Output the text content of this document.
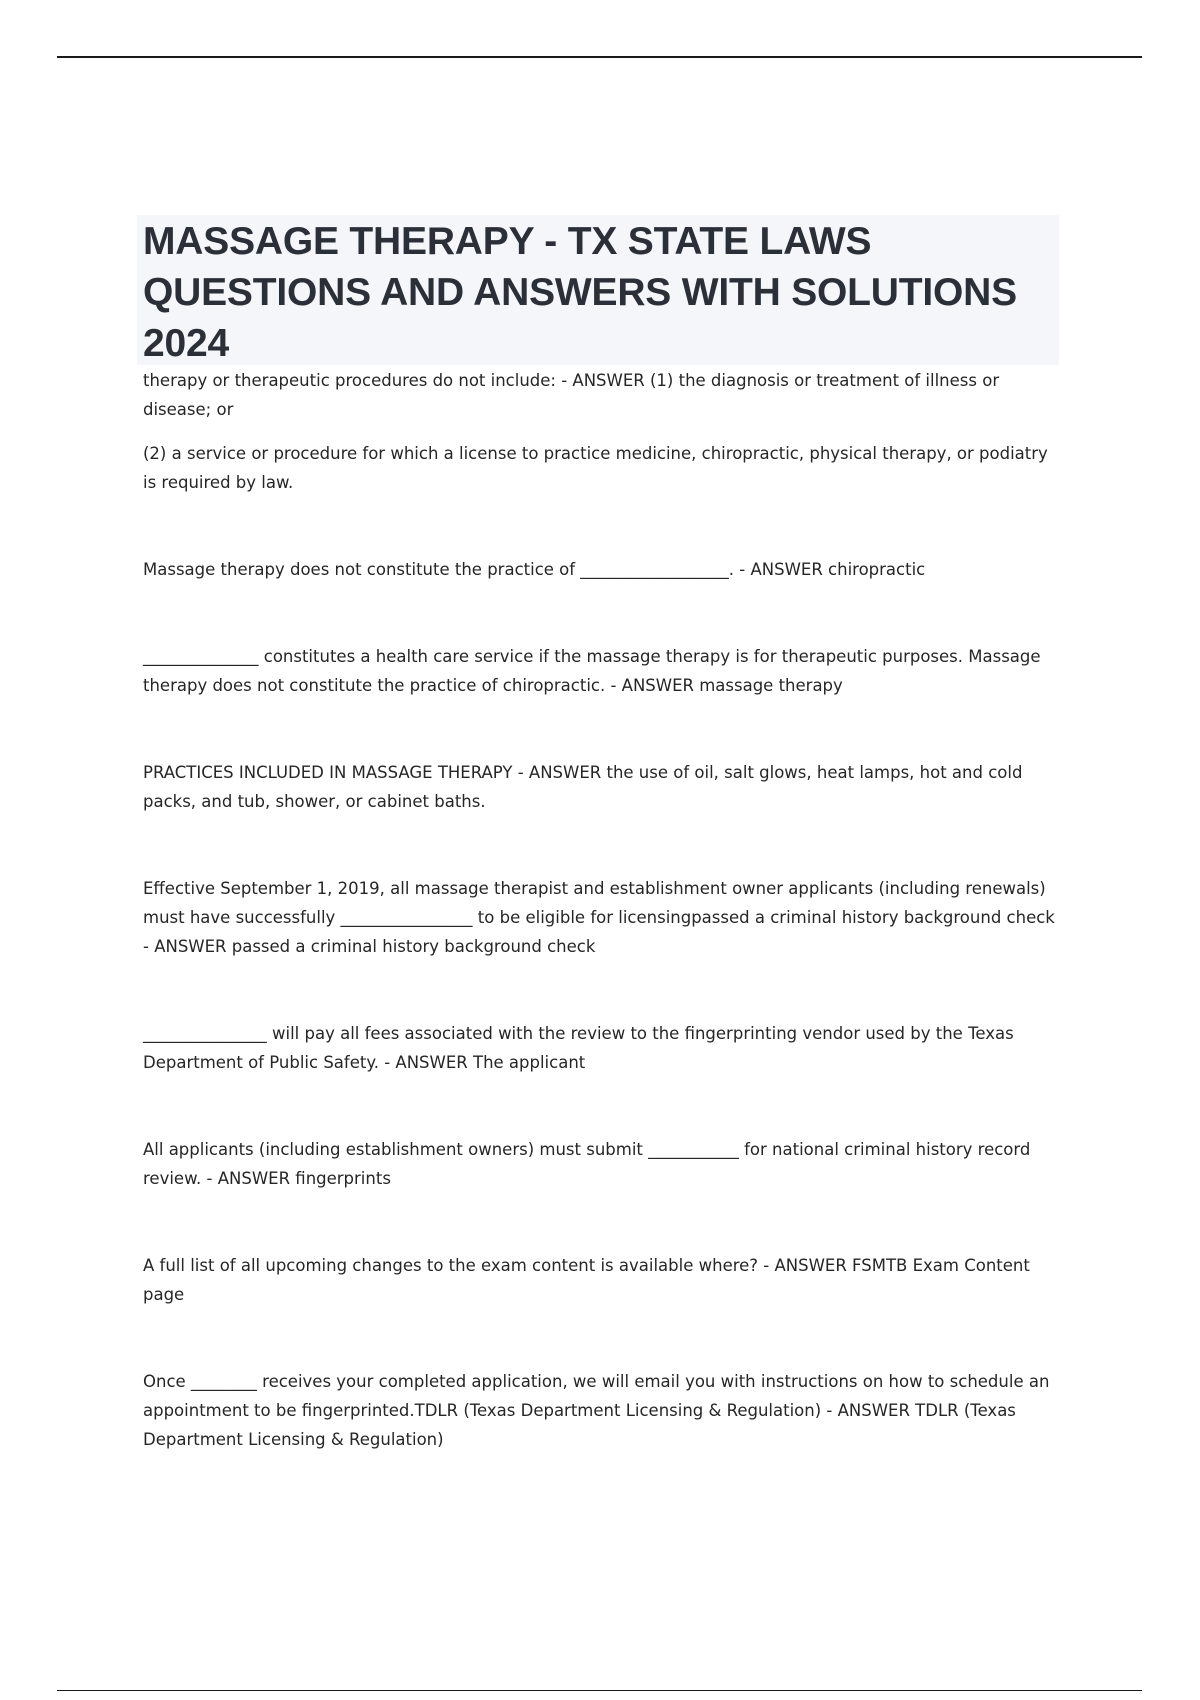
MASSAGE THERAPY - TX STATE LAWS QUESTIONS AND ANSWERS WITH SOLUTIONS 2024

therapy or therapeutic procedures do not include: - ANSWER (1) the diagnosis or treatment of illness or disease; or

(2) a service or procedure for which a license to practice medicine, chiropractic, physical therapy, or podiatry is required by law.

Massage therapy does not constitute the practice of __________________. - ANSWER chiropractic

______________ constitutes a health care service if the massage therapy is for therapeutic purposes. Massage therapy does not constitute the practice of chiropractic. - ANSWER massage therapy

PRACTICES INCLUDED IN MASSAGE THERAPY - ANSWER the use of oil, salt glows, heat lamps, hot and cold packs, and tub, shower, or cabinet baths.

Effective September 1, 2019, all massage therapist and establishment owner applicants (including renewals) must have successfully ________________ to be eligible for licensingpassed a criminal history background check - ANSWER passed a criminal history background check

_______________ will pay all fees associated with the review to the fingerprinting vendor used by the Texas Department of Public Safety. - ANSWER The applicant

All applicants (including establishment owners) must submit ___________ for national criminal history record review. - ANSWER fingerprints

A full list of all upcoming changes to the exam content is available where? - ANSWER FSMTB Exam Content page

Once ________ receives your completed application, we will email you with instructions on how to schedule an appointment to be fingerprinted.TDLR (Texas Department Licensing & Regulation) - ANSWER TDLR (Texas Department Licensing & Regulation)
